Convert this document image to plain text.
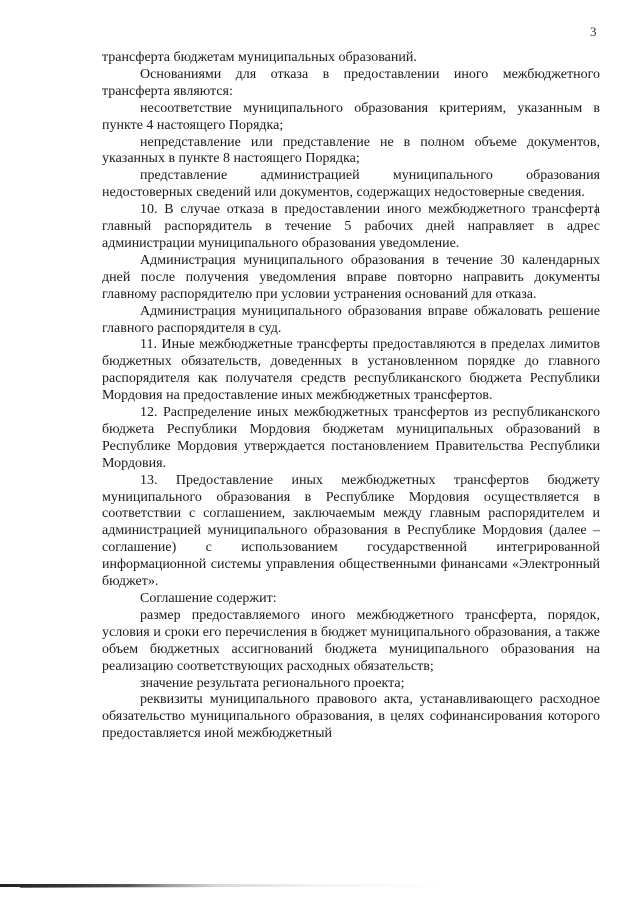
3

трансферта бюджетам муниципальных образований.

Основаниями для отказа в предоставлении иного межбюджетного трансферта являются:

несоответствие муниципального образования критериям, указанным в пункте 4 настоящего Порядка;

непредставление или представление не в полном объеме документов, указанных в пункте 8 настоящего Порядка;

представление администрацией муниципального образования недостоверных сведений или документов, содержащих недостоверные сведения.

10. В случае отказа в предоставлении иного межбюджетного трансферта главный распорядитель в течение 5 рабочих дней направляет в адрес администрации муниципального образования уведомление.

Администрация муниципального образования в течение 30 календарных дней после получения уведомления вправе повторно направить документы главному распорядителю при условии устранения оснований для отказа.

Администрация муниципального образования вправе обжаловать решение главного распорядителя в суд.

11. Иные межбюджетные трансферты предоставляются в пределах лимитов бюджетных обязательств, доведенных в установленном порядке до главного распорядителя как получателя средств республиканского бюджета Республики Мордовия на предоставление иных межбюджетных трансфертов.

12. Распределение иных межбюджетных трансфертов из республиканского бюджета Республики Мордовия бюджетам муниципальных образований в Республике Мордовия утверждается постановлением Правительства Республики Мордовия.

13. Предоставление иных межбюджетных трансфертов бюджету муниципального образования в Республике Мордовия осуществляется в соответствии с соглашением, заключаемым между главным распорядителем и администрацией муниципального образования в Республике Мордовия (далее – соглашение) с использованием государственной интегрированной информационной системы управления общественными финансами «Электронный бюджет».

Соглашение содержит:

размер предоставляемого иного межбюджетного трансферта, порядок, условия и сроки его перечисления в бюджет муниципального образования, а также объем бюджетных ассигнований бюджета муниципального образования на реализацию соответствующих расходных обязательств;

значение результата регионального проекта;

реквизиты муниципального правового акта, устанавливающего расходное обязательство муниципального образования, в целях софинансирования которого предоставляется иной межбюджетный
